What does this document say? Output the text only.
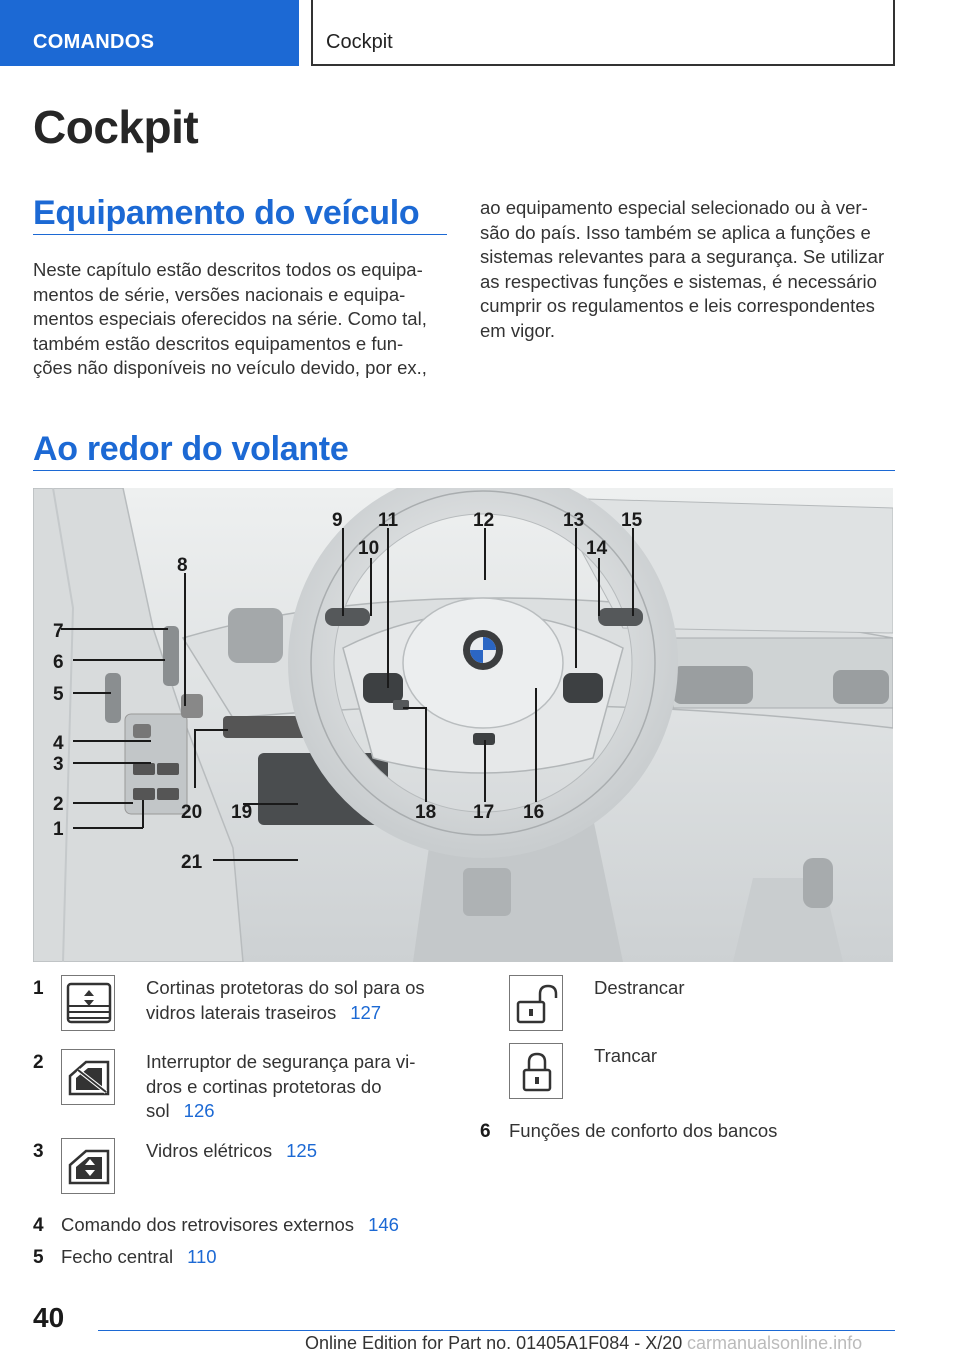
COMANDOS	Cockpit
Cockpit
Equipamento do veículo
Neste capítulo estão descritos todos os equipa-
mentos de série, versões nacionais e equipa-
mentos especiais oferecidos na série. Como tal,
também estão descritos equipamentos e fun-
ções não disponíveis no veículo devido, por ex.,
ao equipamento especial selecionado ou à ver-
são do país. Isso também se aplica a funções e
sistemas relevantes para a segurança. Se utilizar
as respectivas funções e sistemas, é necessário
cumprir os regulamentos e leis correspondentes
em vigor.
Ao redor do volante
9 11
10
12	13
14
15
8
7
6
5
4
3
2
1
20 19
21
18 17 16
1	Cortinas protetoras do sol para os
vidros laterais traseiros 127
2	Interruptor de segurança para vi-
dros e cortinas protetoras do
sol 126
3	Vidros elétricos 125
4 Comando dos retrovisores externos 146
5 Fecho central 110
Destrancar
Trancar
6 Funções de conforto dos bancos
40
Online Edition for Part no. 01405A1F084 - X/20 carmanualsonline.info
